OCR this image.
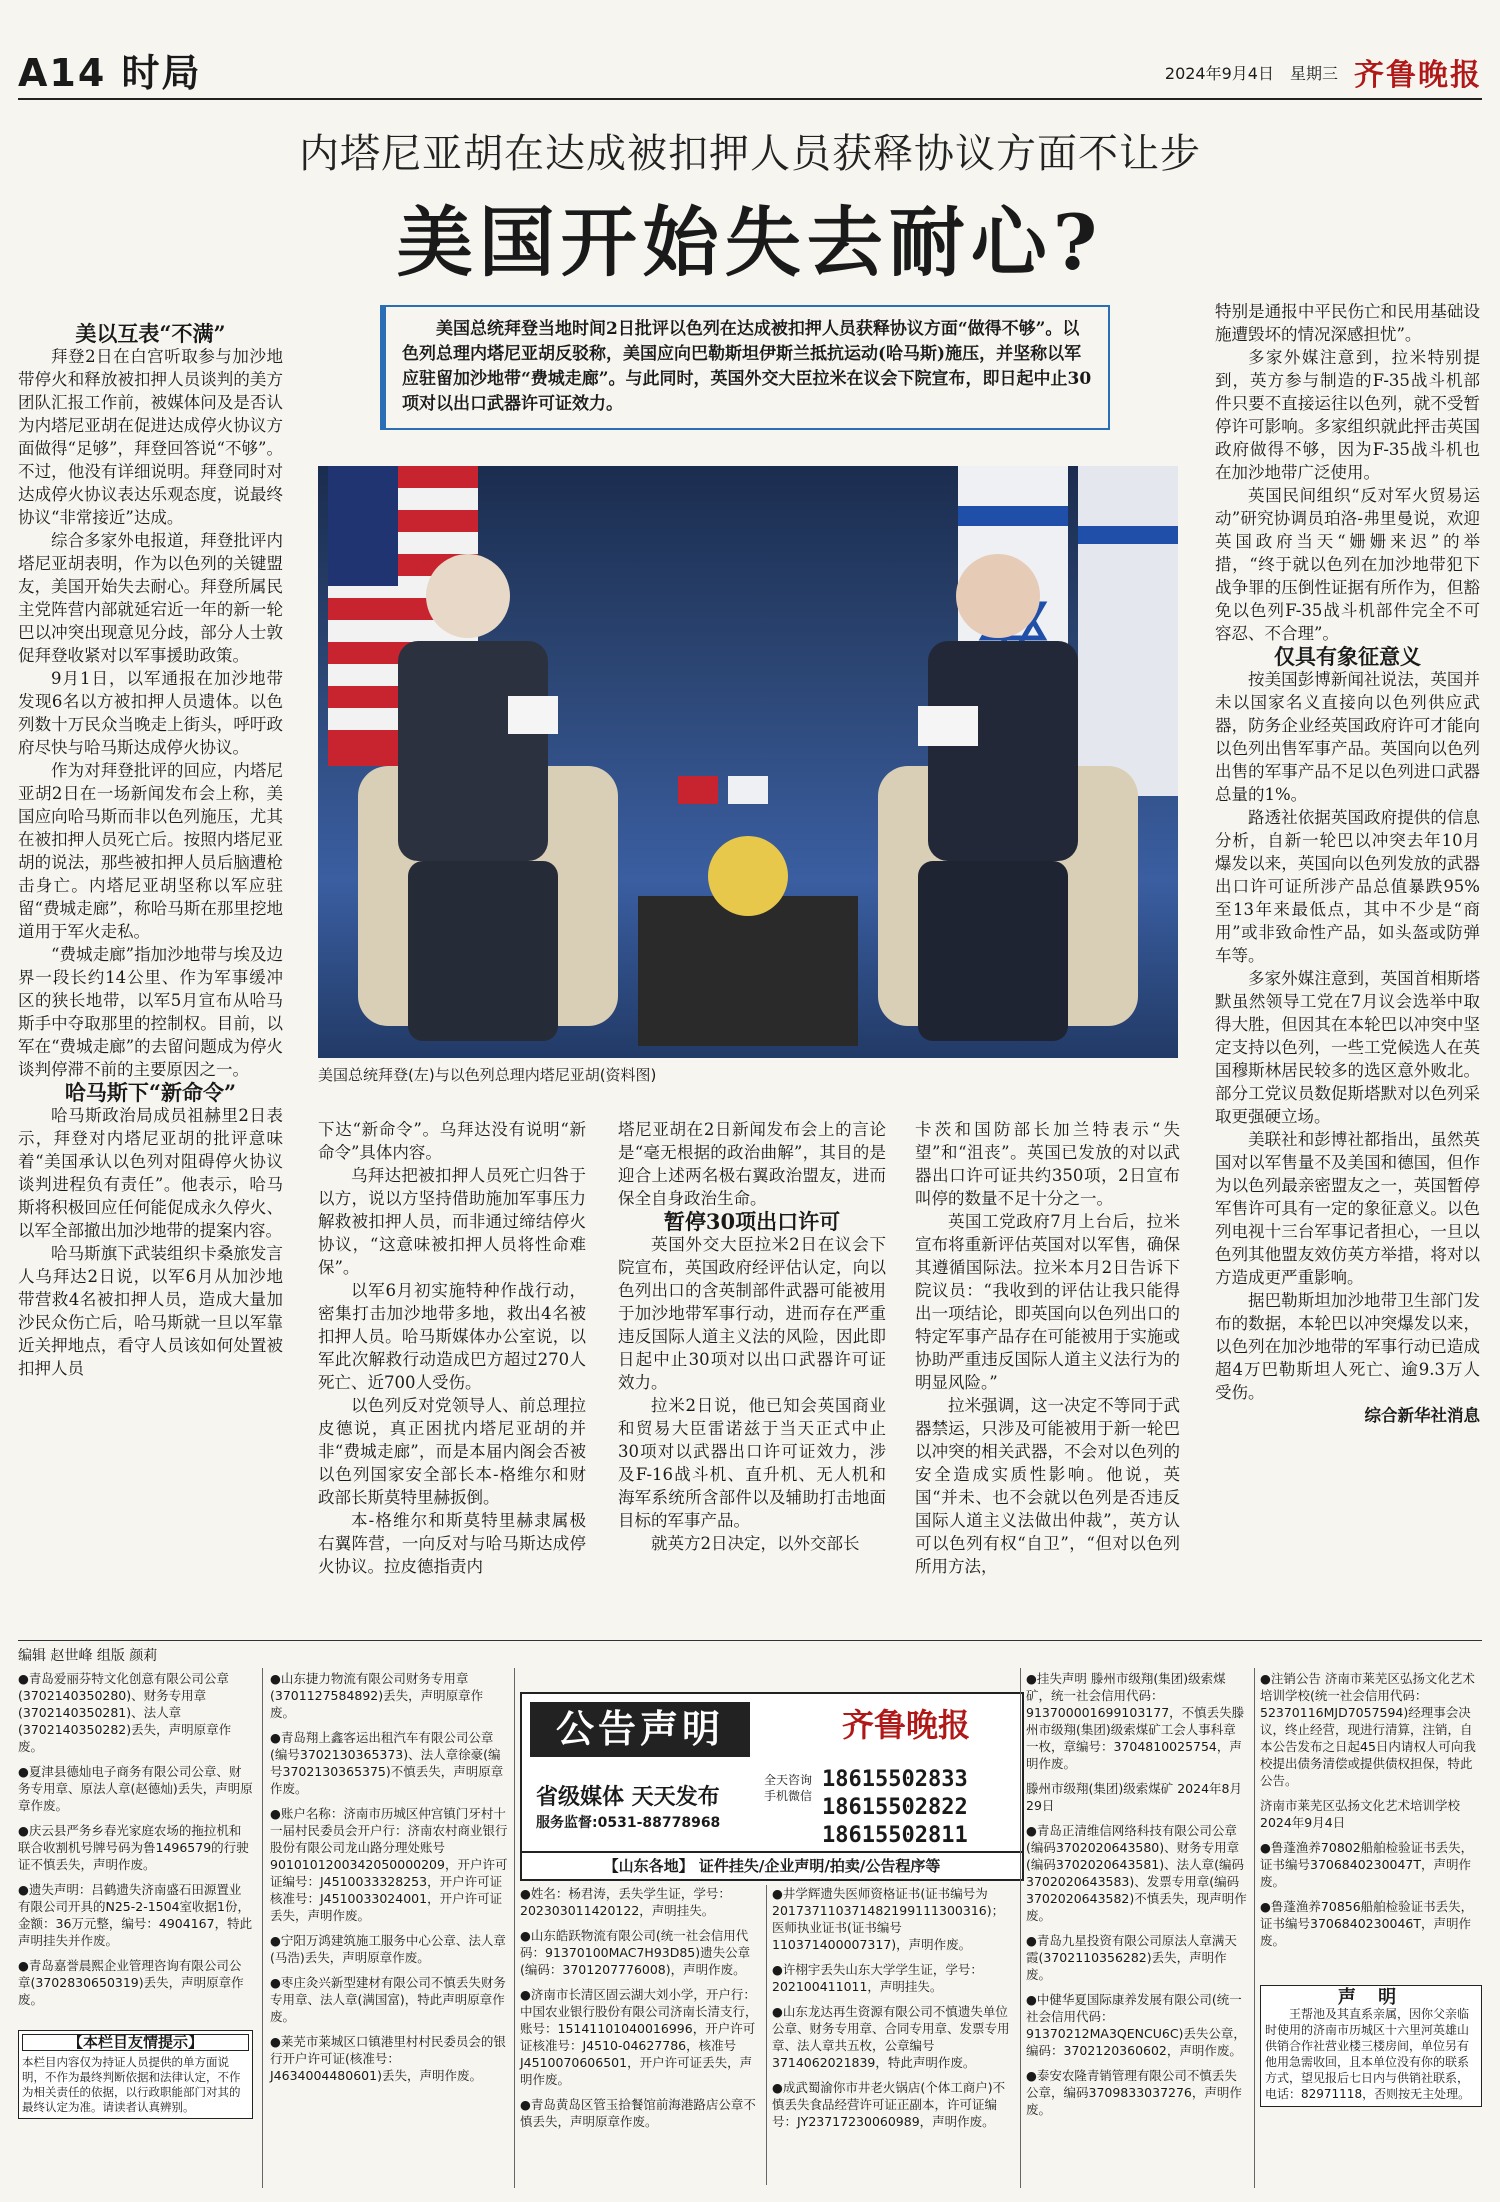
A14 时局	2024年9月4日 星期三 齐鲁晚报
内塔尼亚胡在达成被扣押人员获释协议方面不让步
美国开始失去耐心?
美国总统拜登当地时间2日批评以色列在达成被扣押人员获释协议方面“做得不够”。以色列总理内塔尼亚胡反驳称，美国应向巴勒斯坦伊斯兰抵抗运动(哈马斯)施压，并坚称以军应驻留加沙地带“费城走廊”。与此同时，英国外交大臣拉米在议会下院宣布，即日起中止30项对以出口武器许可证效力。
美国总统拜登(左)与以色列总理内塔尼亚胡(资料图)

美以互表“不满”

拜登2日在白宫听取参与加沙地带停火和释放被扣押人员谈判的美方团队汇报工作前，被媒体问及是否认为内塔尼亚胡在促进达成停火协议方面做得“足够”，拜登回答说“不够”。不过，他没有详细说明。拜登同时对达成停火协议表达乐观态度，说最终协议“非常接近”达成。

综合多家外电报道，拜登批评内塔尼亚胡表明，作为以色列的关键盟友，美国开始失去耐心。拜登所属民主党阵营内部就延宕近一年的新一轮巴以冲突出现意见分歧，部分人士敦促拜登收紧对以军事援助政策。

9月1日，以军通报在加沙地带发现6名以方被扣押人员遗体。以色列数十万民众当晚走上街头，呼吁政府尽快与哈马斯达成停火协议。

作为对拜登批评的回应，内塔尼亚胡2日在一场新闻发布会上称，美国应向哈马斯而非以色列施压，尤其在被扣押人员死亡后。按照内塔尼亚胡的说法，那些被扣押人员后脑遭枪击身亡。内塔尼亚胡坚称以军应驻留“费城走廊”，称哈马斯在那里挖地道用于军火走私。

“费城走廊”指加沙地带与埃及边界一段长约14公里、作为军事缓冲区的狭长地带，以军5月宣布从哈马斯手中夺取那里的控制权。目前，以军在“费城走廊”的去留问题成为停火谈判停滞不前的主要原因之一。

哈马斯下“新命令”

哈马斯政治局成员祖赫里2日表示，拜登对内塔尼亚胡的批评意味着“美国承认以色列对阻碍停火协议谈判进程负有责任”。他表示，哈马斯将积极回应任何能促成永久停火、以军全部撤出加沙地带的提案内容。

哈马斯旗下武装组织卡桑旅发言人乌拜达2日说，以军6月从加沙地带营救4名被扣押人员，造成大量加沙民众伤亡后，哈马斯就一旦以军靠近关押地点，看守人员该如何处置被扣押人员

下达“新命令”。乌拜达没有说明“新命令”具体内容。

乌拜达把被扣押人员死亡归咎于以方，说以方坚持借助施加军事压力解救被扣押人员，而非通过缔结停火协议，“这意味被扣押人员将性命难保”。

以军6月初实施特种作战行动，密集打击加沙地带多地，救出4名被扣押人员。哈马斯媒体办公室说，以军此次解救行动造成巴方超过270人死亡、近700人受伤。

以色列反对党领导人、前总理拉皮德说，真正困扰内塔尼亚胡的并非“费城走廊”，而是本届内阁会否被以色列国家安全部长本-格维尔和财政部长斯莫特里赫扳倒。

本-格维尔和斯莫特里赫隶属极右翼阵营，一向反对与哈马斯达成停火协议。拉皮德指责内

塔尼亚胡在2日新闻发布会上的言论是“毫无根据的政治曲解”，其目的是迎合上述两名极右翼政治盟友，进而保全自身政治生命。

暂停30项出口许可

英国外交大臣拉米2日在议会下院宣布，英国政府经评估认定，向以色列出口的含英制部件武器可能被用于加沙地带军事行动，进而存在严重违反国际人道主义法的风险，因此即日起中止30项对以出口武器许可证效力。

拉米2日说，他已知会英国商业和贸易大臣雷诺兹于当天正式中止30项对以武器出口许可证效力，涉及F-16战斗机、直升机、无人机和海军系统所含部件以及辅助打击地面目标的军事产品。

就英方2日决定，以外交部长

卡茨和国防部长加兰特表示“失望”和“沮丧”。英国已发放的对以武器出口许可证共约350项，2日宣布叫停的数量不足十分之一。

英国工党政府7月上台后，拉米宣布将重新评估英国对以军售，确保其遵循国际法。拉米本月2日告诉下院议员：“我收到的评估让我只能得出一项结论，即英国向以色列出口的特定军事产品存在可能被用于实施或协助严重违反国际人道主义法行为的明显风险。”

拉米强调，这一决定不等同于武器禁运，只涉及可能被用于新一轮巴以冲突的相关武器，不会对以色列的安全造成实质性影响。他说，英国“并未、也不会就以色列是否违反国际人道主义法做出仲裁”，英方认可以色列有权“自卫”，“但对以色列所用方法，

特别是通报中平民伤亡和民用基础设施遭毁坏的情况深感担忧”。

多家外媒注意到，拉米特别提到，英方参与制造的F-35战斗机部件只要不直接运往以色列，就不受暂停许可影响。多家组织就此抨击英国政府做得不够，因为F-35战斗机也在加沙地带广泛使用。

英国民间组织“反对军火贸易运动”研究协调员珀洛-弗里曼说，欢迎英国政府当天“姗姗来迟”的举措，“终于就以色列在加沙地带犯下战争罪的压倒性证据有所作为，但豁免以色列F-35战斗机部件完全不可容忍、不合理”。

仅具有象征意义

按美国彭博新闻社说法，英国并未以国家名义直接向以色列供应武器，防务企业经英国政府许可才能向以色列出售军事产品。英国向以色列出售的军事产品不足以色列进口武器总量的1%。

路透社依据英国政府提供的信息分析，自新一轮巴以冲突去年10月爆发以来，英国向以色列发放的武器出口许可证所涉产品总值暴跌95%至13年来最低点，其中不少是“商用”或非致命性产品，如头盔或防弹车等。

多家外媒注意到，英国首相斯塔默虽然领导工党在7月议会选举中取得大胜，但因其在本轮巴以冲突中坚定支持以色列，一些工党候选人在英国穆斯林居民较多的选区意外败北。部分工党议员数促斯塔默对以色列采取更强硬立场。

美联社和彭博社都指出，虽然英国对以军售量不及美国和德国，但作为以色列最亲密盟友之一，英国暂停军售许可具有一定的象征意义。以色列电视十三台军事记者担心，一旦以色列其他盟友效仿英方举措，将对以方造成更严重影响。

据巴勒斯坦加沙地带卫生部门发布的数据，本轮巴以冲突爆发以来，以色列在加沙地带的军事行动已造成超4万巴勒斯坦人死亡、逾9.3万人受伤。

综合新华社消息

编辑 赵世峰 组版 颜莉

●青岛爱丽芬特文化创意有限公司公章(3702140350280)、财务专用章(3702140350281)、法人章(3702140350282)丢失，声明原章作废。

●夏津县德灿电子商务有限公司公章、财务专用章、原法人章(赵德灿)丢失，声明原章作废。

●庆云县严务乡春光家庭农场的拖拉机和联合收割机号牌号码为鲁1496579的行驶证不慎丢失，声明作废。

●遗失声明：吕鹤遗失济南盛石田源置业有限公司开具的N25-2-1504室收据1份，金额：36万元整，编号：4904167，特此声明挂失并作废。

●青岛嘉誉晨熙企业管理咨询有限公司公章(3702830650319)丢失，声明原章作废。

【本栏目友情提示】
本栏目内容仅为持证人员提供的单方面说明，不作为最终判断依据和法律认定，不作为相关责任的依据，以行政职能部门对其的最终认定为准。请读者认真辨别。

●山东捷力物流有限公司财务专用章(3701127584892)丢失，声明原章作废。

●青岛翔上鑫客运出租汽车有限公司公章(编号3702130365373)、法人章徐豪(编号3702130365375)不慎丢失，声明原章作废。

●账户名称：济南市历城区仲宫镇门牙村十一届村民委员会开户行：济南农村商业银行股份有限公司龙山路分理处账号9010101200342050000209，开户许可证编号：J4510033328253，开户许可证核准号：J4510033024001，开户许可证丢失，声明作废。

●宁阳万鸿建筑施工服务中心公章、法人章(马浩)丢失，声明原章作废。

●枣庄灸兴新型建材有限公司不慎丢失财务专用章、法人章(满国富)，特此声明原章作废。

●莱芜市莱城区口镇港里村村民委员会的银行开户许可证(核准号：J4634004480601)丢失，声明作废。

公告声明	齐鲁晚报
省级媒体 天天发布
服务监督:0531-88778968
全天咨询 手机微信
18615502833
18615502822
18615502811
【山东各地】 证件挂失/企业声明/拍卖/公告程序等

●姓名：杨君涛，丢失学生证，学号：202303011420122，声明挂失。

●山东皓跃物流有限公司(统一社会信用代码：91370100MAC7H93D85)遗失公章(编码：3701207776008)，声明作废。

●济南市长清区固云湖大刘小学，开户行：中国农业银行股份有限公司济南长清支行，账号：15141101040016996，开户许可证核准号：J4510-04627786，核准号J4510070606501，开户许可证丢失，声明作废。

●青岛黄岛区管玉拾餐馆前海港路店公章不慎丢失，声明原章作废。

●井学辉遗失医师资格证书(证书编号为201737110371482199111300316)；医师执业证书(证书编号110371400007317)，声明作废。

●许栩宇丢失山东大学学生证，学号：202100411011，声明挂失。

●山东龙达再生资源有限公司不慎遗失单位公章、财务专用章、合同专用章、发票专用章、法人章共五枚，公章编号3714062021839，特此声明作废。

●成武蜀渝你市井老火锅店(个体工商户)不慎丢失食品经营许可证正副本，许可证编号：JY23717230060989，声明作废。

●挂失声明 滕州市级翔(集团)级索煤矿，统一社会信用代码：913700001699103177，不慎丢失滕州市级翔(集团)级索煤矿工会人事科章一枚，章编号：3704810025754，声明作废。

滕州市级翔(集团)级索煤矿 2024年8月29日

●青岛正清维信网络科技有限公司公章(编码3702020643580)、财务专用章(编码3702020643581)、法人章(编码3702020643583)、发票专用章(编码3702020643582)不慎丢失，现声明作废。

●青岛九星投资有限公司原法人章满天霞(3702110356282)丢失，声明作废。

●中健华夏国际康养发展有限公司(统一社会信用代码：91370212MA3QENCU6C)丢失公章，编码：3702120360602，声明作废。

●泰安农隆青销管理有限公司不慎丢失公章，编码3709833037276，声明作废。

●注销公告 济南市莱芜区弘扬文化艺术培训学校(统一社会信用代码：52370116MJD7057594)经理事会决议，终止经营，现进行清算，注销，自本公告发布之日起45日内请权人可向我校提出债务清偿或提供债权担保，特此公告。

济南市莱芜区弘扬文化艺术培训学校 2024年9月4日

●鲁蓬渔养70802船舶检验证书丢失，证书编号3706840230047T，声明作废。

●鲁蓬渔养70856船舶检验证书丢失，证书编号3706840230046T，声明作废。

声 明
王帮池及其直系亲属，因你父亲临时使用的济南市历城区十六里河英雄山供销合作社营业楼三楼房间，单位另有他用急需收回，且本单位没有你的联系方式，望见报后七日内与供销社联系，电话：82971118，否则按无主处理。
